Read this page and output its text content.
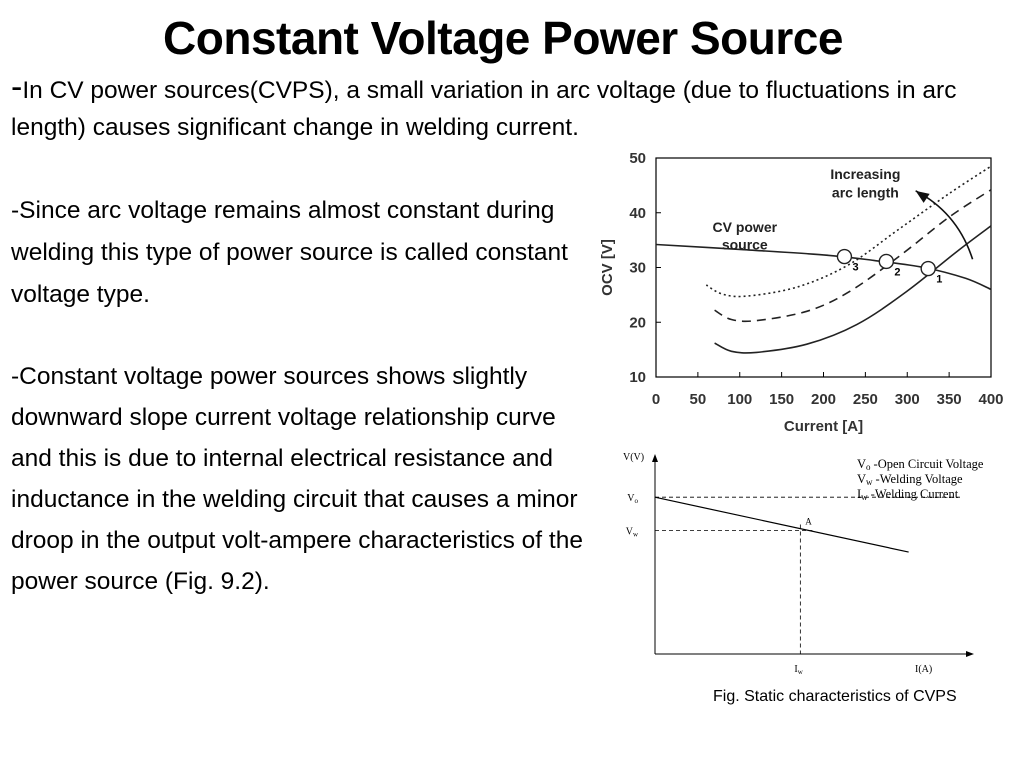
Constant Voltage Power Source

-In CV power sources(CVPS), a small variation in arc voltage (due to fluctuations in arc length) causes significant change in welding current.

-Since arc voltage remains almost constant during welding this type of power source is called constant voltage type.

-Constant voltage power sources shows slightly downward slope current voltage relationship curve and this is due to internal electrical resistance and inductance in the welding circuit that causes a minor droop in the output volt-ampere characteristics of the power source (Fig. 9.2).

0 50 100 150 200 250 300 350 400
10
20
30
40
50
Current [A]
OCV [V]	1
2
3
Increasing
arc length
CV power
source
V(V)
I(A)
$V_o$
$V_w$
$I_w$
A
Vo -Open Circuit Voltage
Vw -Welding Voltage
Iw -Welding Current
Fig. Static characteristics of CVPS
